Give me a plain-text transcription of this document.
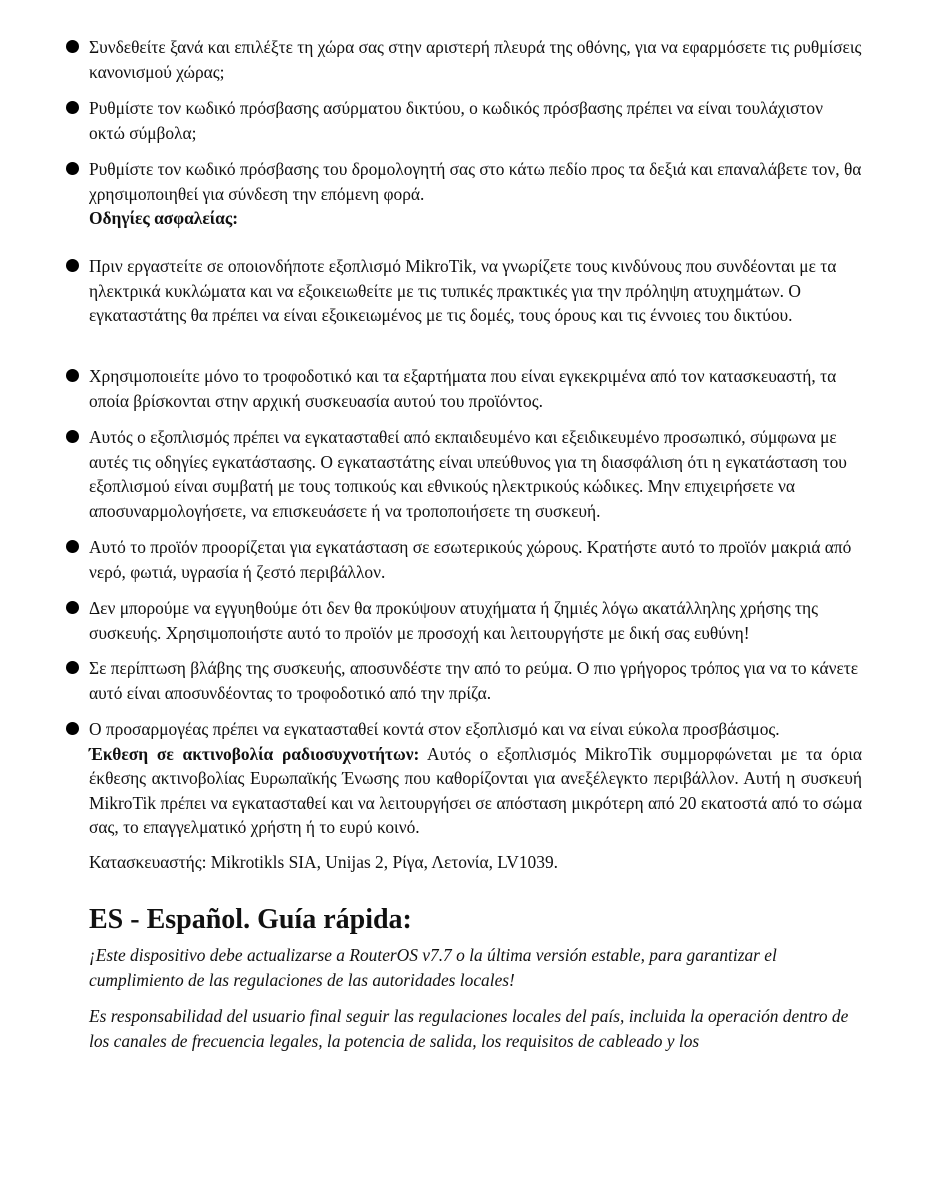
Συνδεθείτε ξανά και επιλέξτε τη χώρα σας στην αριστερή πλευρά της οθόνης, για να εφαρμόσετε τις ρυθμίσεις κανονισμού χώρας;
Ρυθμίστε τον κωδικό πρόσβασης ασύρματου δικτύου, ο κωδικός πρόσβασης πρέπει να είναι τουλάχιστον οκτώ σύμβολα;
Ρυθμίστε τον κωδικό πρόσβασης του δρομολογητή σας στο κάτω πεδίο προς τα δεξιά και επαναλάβετε τον, θα χρησιμοποιηθεί για σύνδεση την επόμενη φορά.
Οδηγίες ασφαλείας:
Πριν εργαστείτε σε οποιονδήποτε εξοπλισμό MikroTik, να γνωρίζετε τους κινδύνους που συνδέονται με τα ηλεκτρικά κυκλώματα και να εξοικειωθείτε με τις τυπικές πρακτικές για την πρόληψη ατυχημάτων. Ο εγκαταστάτης θα πρέπει να είναι εξοικειωμένος με τις δομές, τους όρους και τις έννοιες του δικτύου.
Χρησιμοποιείτε μόνο το τροφοδοτικό και τα εξαρτήματα που είναι εγκεκριμένα από τον κατασκευαστή, τα οποία βρίσκονται στην αρχική συσκευασία αυτού του προϊόντος.
Αυτός ο εξοπλισμός πρέπει να εγκατασταθεί από εκπαιδευμένο και εξειδικευμένο προσωπικό, σύμφωνα με αυτές τις οδηγίες εγκατάστασης. Ο εγκαταστάτης είναι υπεύθυνος για τη διασφάλιση ότι η εγκατάσταση του εξοπλισμού είναι συμβατή με τους τοπικούς και εθνικούς ηλεκτρικούς κώδικες. Μην επιχειρήσετε να αποσυναρμολογήσετε, να επισκευάσετε ή να τροποποιήσετε τη συσκευή.
Αυτό το προϊόν προορίζεται για εγκατάσταση σε εσωτερικούς χώρους. Κρατήστε αυτό το προϊόν μακριά από νερό, φωτιά, υγρασία ή ζεστό περιβάλλον.
Δεν μπορούμε να εγγυηθούμε ότι δεν θα προκύψουν ατυχήματα ή ζημιές λόγω ακατάλληλης χρήσης της συσκευής. Χρησιμοποιήστε αυτό το προϊόν με προσοχή και λειτουργήστε με δική σας ευθύνη!
Σε περίπτωση βλάβης της συσκευής, αποσυνδέστε την από το ρεύμα. Ο πιο γρήγορος τρόπος για να το κάνετε αυτό είναι αποσυνδέοντας το τροφοδοτικό από την πρίζα.
Ο προσαρμογέας πρέπει να εγκατασταθεί κοντά στον εξοπλισμό και να είναι εύκολα προσβάσιμος.
Έκθεση σε ακτινοβολία ραδιοσυχνοτήτων: Αυτός ο εξοπλισμός MikroTik συμμορφώνεται με τα όρια έκθεσης ακτινοβολίας Ευρωπαϊκής Ένωσης που καθορίζονται για ανεξέλεγκτο περιβάλλον. Αυτή η συσκευή MikroTik πρέπει να εγκατασταθεί και να λειτουργήσει σε απόσταση μικρότερη από 20 εκατοστά από το σώμα σας, το επαγγελματικό χρήστη ή το ευρύ κοινό.

Κατασκευαστής: Mikrotikls SIA, Unijas 2, Ρίγα, Λετονία, LV1039.

ES - Español. Guía rápida:

¡Este dispositivo debe actualizarse a RouterOS v7.7 o la última versión estable, para garantizar el cumplimiento de las regulaciones de las autoridades locales!

Es responsabilidad del usuario final seguir las regulaciones locales del país, incluida la operación dentro de los canales de frecuencia legales, la potencia de salida, los requisitos de cableado y los
